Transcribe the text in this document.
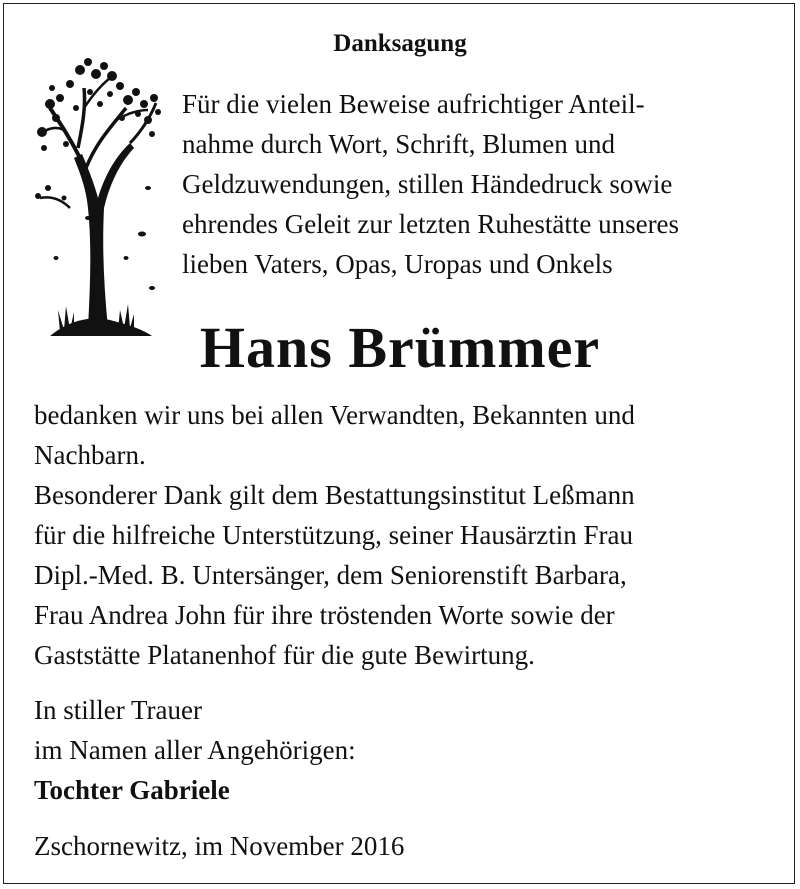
Danksagung

Für die vielen Beweise aufrichtiger Anteil-
nahme durch Wort, Schrift, Blumen und
Geldzuwendungen, stillen Händedruck sowie
ehrendes Geleit zur letzten Ruhestätte unseres
lieben Vaters, Opas, Uropas und Onkels

Hans Brümmer

bedanken wir uns bei allen Verwandten, Bekannten und
Nachbarn.
Besonderer Dank gilt dem Bestattungsinstitut Leßmann
für die hilfreiche Unterstützung, seiner Hausärztin Frau
Dipl.-Med. B. Untersänger, dem Seniorenstift Barbara,
Frau Andrea John für ihre tröstenden Worte sowie der
Gaststätte Platanenhof für die gute Bewirtung.

In stiller Trauer
im Namen aller Angehörigen:
Tochter Gabriele

Zschornewitz, im November 2016
